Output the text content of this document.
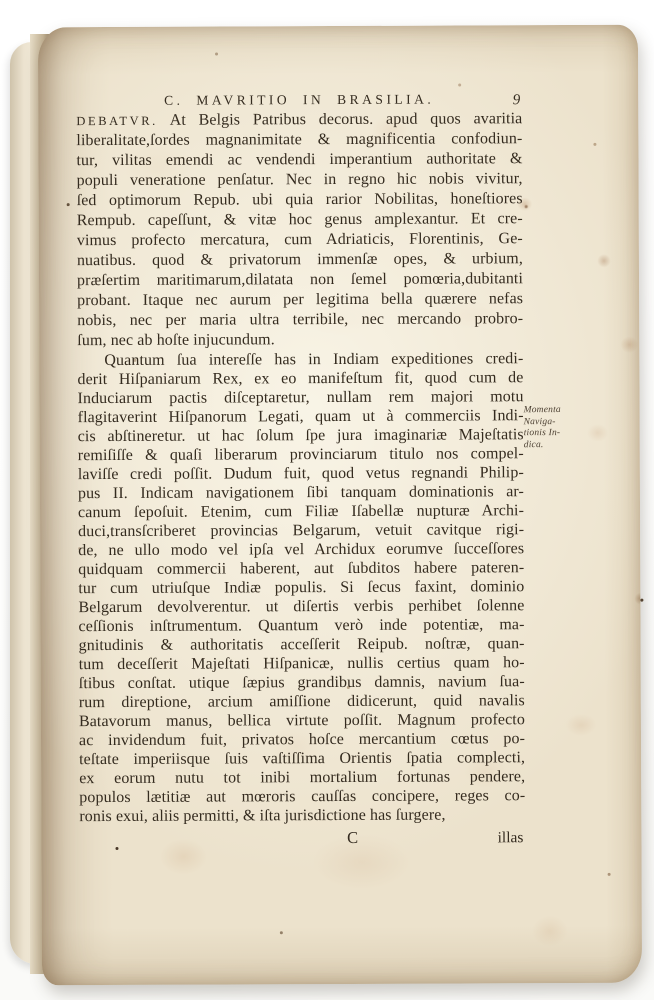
C. MAVRITIO IN BRASILIA.	9
DEBATVR. At Belgis Patribus decorus. apud quos avaritia
liberalitate,ſordes magnanimitate & magnificentia confodiun-
tur, vilitas emendi ac vendendi imperantium authoritate &
populi veneratione penſatur. Nec in regno hic nobis vivitur,
ſed optimorum Repub. ubi quia rarior Nobilitas, honeſtiores
Rempub. capeſſunt, & vitæ hoc genus amplexantur. Et cre-
vimus profecto mercatura, cum Adriaticis, Florentinis, Ge-
nuatibus. quod & privatorum immenſæ opes, & urbium,
præſertim maritimarum,dilatata non ſemel pomœria,dubitanti
probant. Itaque nec aurum per legitima bella quærere nefas
nobis, nec per maria ultra terribile, nec mercando probro-
ſum, nec ab hoſte injucundum.
Quantum ſua intereſſe has in Indiam expeditiones credi-
derit Hiſpaniarum Rex, ex eo manifeſtum fit, quod cum de
Induciarum pactis diſceptaretur, nullam rem majori motu
flagitaverint Hiſpanorum Legati, quam ut à commerciis Indi-
cis abſtineretur. ut hac ſolum ſpe jura imaginariæ Majeſtatis
remiſiſſe & quaſi liberarum provinciarum titulo nos compel-
laviſſe credi poſſit. Dudum fuit, quod vetus regnandi Philip-
pus II. Indicam navigationem ſibi tanquam dominationis ar-
canum ſepoſuit. Etenim, cum Filiæ Iſabellæ nupturæ Archi-
duci,transſcriberet provincias Belgarum, vetuit cavitque rigi-
de, ne ullo modo vel ipſa vel Archidux eorumve ſucceſſores
quidquam commercii haberent, aut ſubditos habere pateren-
tur cum utriuſque Indiæ populis. Si ſecus faxint, dominio
Belgarum devolverentur. ut diſertis verbis perhibet ſolenne
ceſſionis inſtrumentum. Quantum verò inde potentiæ, ma-
gnitudinis & authoritatis acceſſerit Reipub. noſtræ, quan-
tum deceſſerit Majeſtati Hiſpanicæ, nullis certius quam ho-
ſtibus conſtat. utique ſæpius grandibus damnis, navium ſua-
rum direptione, arcium amiſſione didicerunt, quid navalis
Batavorum manus, bellica virtute poſſit. Magnum profecto
ac invidendum fuit, privatos hoſce mercantium cœtus po-
teſtate imperiisque ſuis vaſtiſſima Orientis ſpatia complecti,
ex eorum nutu tot inibi mortalium fortunas pendere,
populos lætitiæ aut mœroris cauſſas concipere, reges co-
ronis exui, aliis permitti, & iſta jurisdictione has ſurgere,
C	illas
Momenta
Naviga-
tionis In-
dica.
